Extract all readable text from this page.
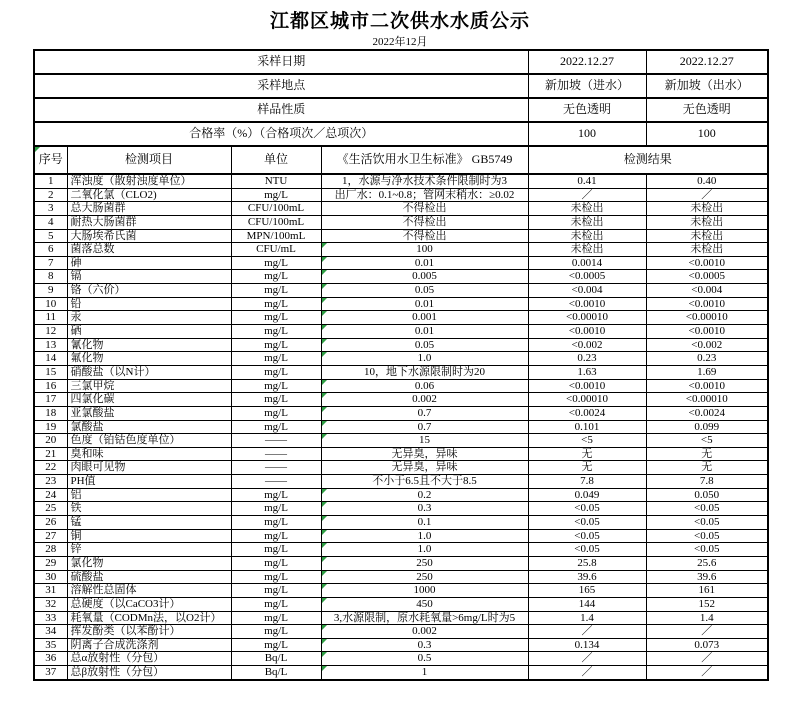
江都区城市二次供水水质公示
2022年12月
采样日期				2022.12.27	2022.12.27
采样地点				新加坡（进水）	新加坡（出水）
样品性质				无色透明	无色透明
合格率（%）（合格项次／总项次）				100	100

序号	检测项目	单位	《生活饮用水卫生标准》 GB5749	检测结果	
1	浑浊度（散射浊度单位）	NTU	1，水源与净水技术条件限制时为3	0.41	0.40
2	二氧化氯（CLO2)	mg/L	出厂水：0.1~0.8；管网末稍水：≥0.02	／	／
3	总大肠菌群	CFU/100mL	不得检出	未检出	未检出
4	耐热大肠菌群	CFU/100mL	不得检出	未检出	未检出
5	大肠埃希氏菌	MPN/100mL	不得检出	未检出	未检出
6	菌落总数	CFU/mL	100	未检出	未检出
7	砷	mg/L	0.01	0.0014	<0.0010
8	镉	mg/L	0.005	<0.0005	<0.0005
9	铬（六价）	mg/L	0.05	<0.004	<0.004
10	铅	mg/L	0.01	<0.0010	<0.0010
11	汞	mg/L	0.001	<0.00010	<0.00010
12	硒	mg/L	0.01	<0.0010	<0.0010
13	氰化物	mg/L	0.05	<0.002	<0.002
14	氟化物	mg/L	1.0	0.23	0.23
15	硝酸盐（以N计）	mg/L	10，地下水源限制时为20	1.63	1.69
16	三氯甲烷	mg/L	0.06	<0.0010	<0.0010
17	四氯化碳	mg/L	0.002	<0.00010	<0.00010
18	亚氯酸盐	mg/L	0.7	<0.0024	<0.0024
19	氯酸盐	mg/L	0.7	0.101	0.099
20	色度（铂钴色度单位）	——	15	<5	<5
21	臭和味	——	无异臭，异味	无	无
22	肉眼可见物	——	无异臭，异味	无	无
23	PH值	——	不小于6.5且不大于8.5	7.8	7.8
24	铝	mg/L	0.2	0.049	0.050
25	铁	mg/L	0.3	<0.05	<0.05
26	锰	mg/L	0.1	<0.05	<0.05
27	铜	mg/L	1.0	<0.05	<0.05
28	锌	mg/L	1.0	<0.05	<0.05
29	氯化物	mg/L	250	25.8	25.6
30	硫酸盐	mg/L	250	39.6	39.6
31	溶解性总固体	mg/L	1000	165	161
32	总硬度（以CaCO3计）	mg/L	450	144	152
33	耗氧量（CODMn法，以O2计）	mg/L	3,水源限制，原水耗氧量>6mg/L时为5	1.4	1.4
34	挥发酚类（以苯酚计）	mg/L	0.002	／	／
35	阴离子合成洗涤剂	mg/L	0.3	0.134	0.073
36	总α放射性（分包）	Bq/L	0.5	／	／
37	总β放射性（分包）	Bq/L	1	／	／
